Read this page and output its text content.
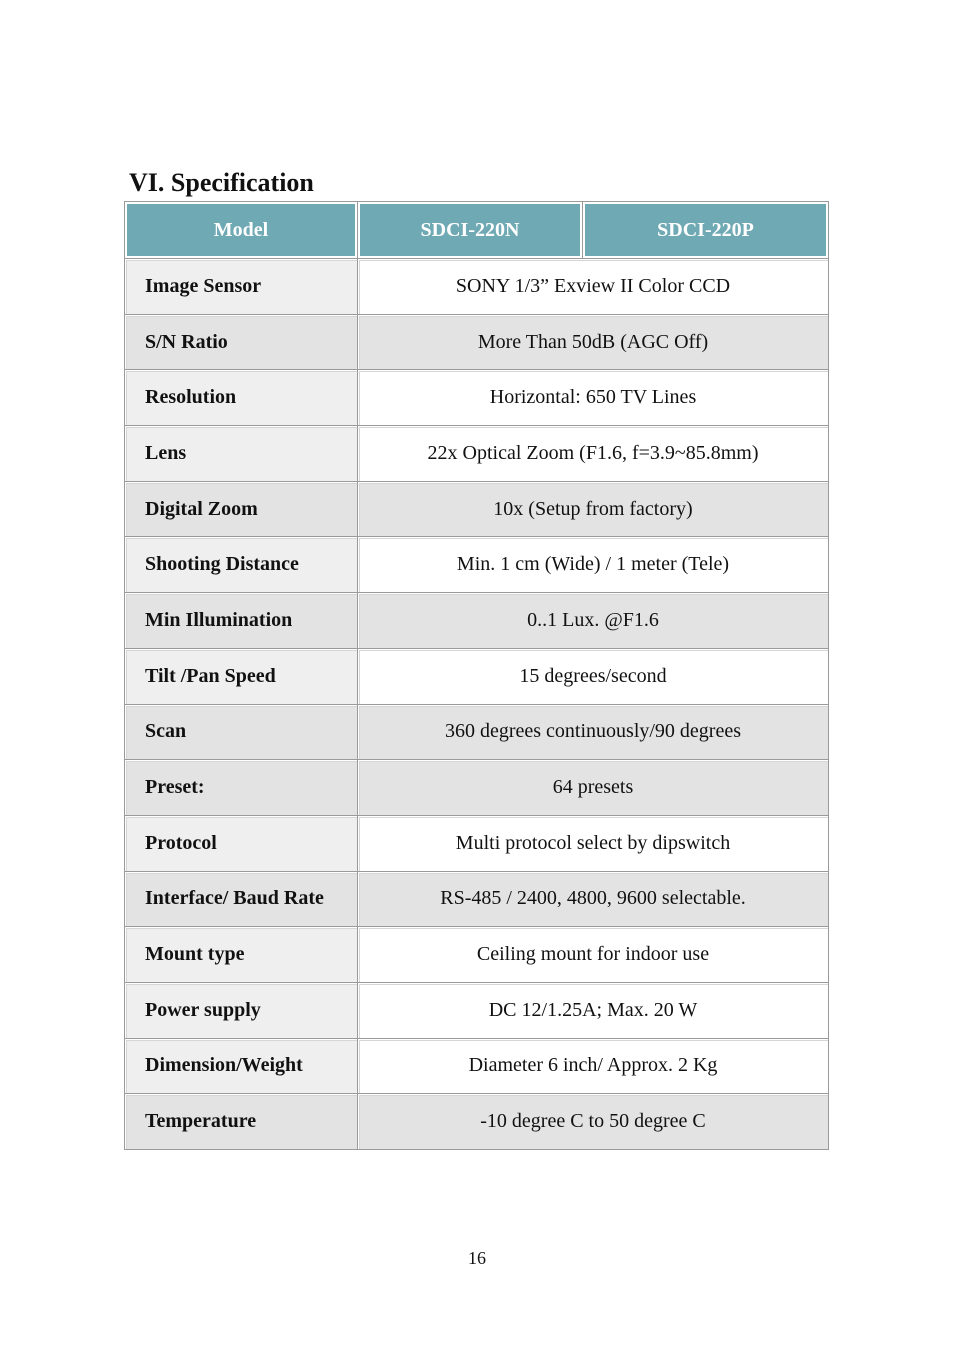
VI. Specification
Model	SDCI-220N	SDCI-220P
Image Sensor	SONY 1/3” Exview II Color CCD	
S/N Ratio	More Than 50dB (AGC Off)	
Resolution	Horizontal: 650 TV Lines	
Lens	22x Optical Zoom (F1.6, f=3.9~85.8mm)	
Digital Zoom	10x (Setup from factory)	
Shooting Distance	Min. 1 cm (Wide) / 1 meter (Tele)	
Min Illumination	0..1 Lux. @F1.6	
Tilt /Pan Speed	15 degrees/second	
Scan	360 degrees continuously/90 degrees	
Preset:	64 presets	
Protocol	Multi protocol select by dipswitch	
Interface/ Baud Rate	RS-485 / 2400, 4800, 9600 selectable.	
Mount type	Ceiling mount for indoor use	
Power supply	DC 12/1.25A; Max. 20 W	
Dimension/Weight	Diameter 6 inch/ Approx. 2 Kg	
Temperature	-10 degree C to 50 degree C	
16
